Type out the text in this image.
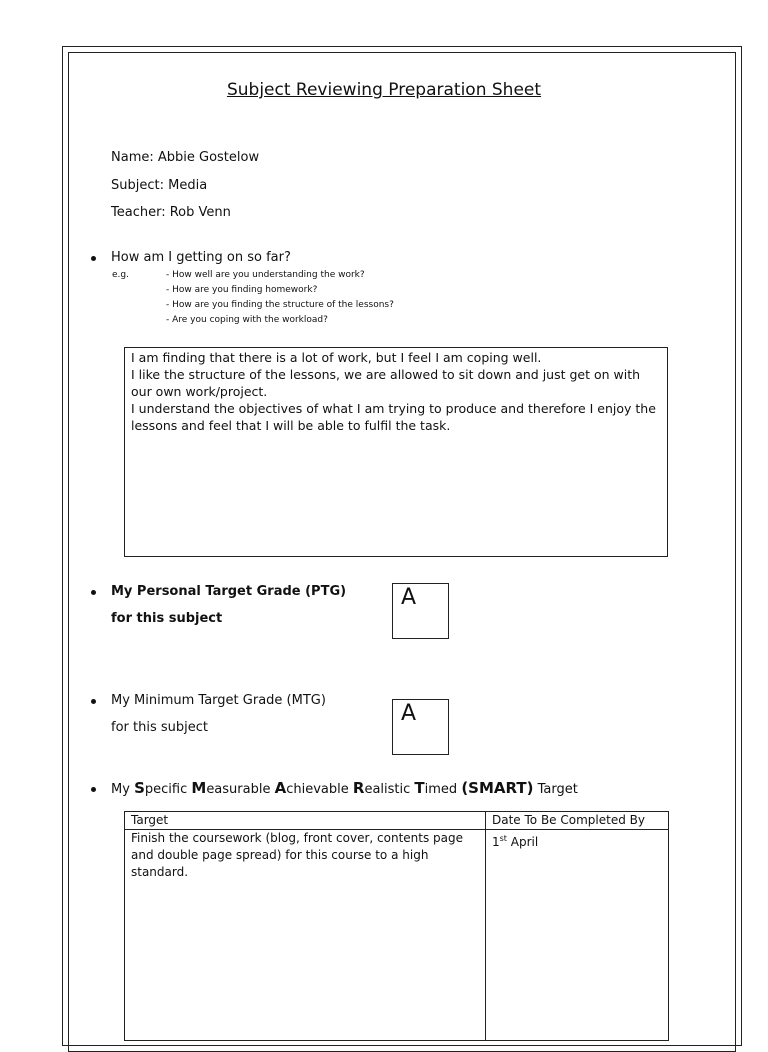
Subject Reviewing Preparation Sheet
Name: Abbie Gostelow
Subject: Media
Teacher: Rob Venn
How am I getting on so far?
e.g.	- How well are you understanding the work?
- How are you finding homework?
- How are you finding the structure of the lessons?
- Are you coping with the workload?
I am finding that there is a lot of work, but I feel I am coping well.
I like the structure of the lessons, we are allowed to sit down and just get on with our own work/project.
I understand the objectives of what I am trying to produce and therefore I enjoy the lessons and feel that I will be able to fulfil the task.
My Personal Target Grade (PTG)
for this subject
A
My Minimum Target Grade (MTG)
for this subject
A
My Specific Measurable Achievable Realistic Timed (SMART) Target
Target	Date To Be Completed By
Finish the coursework (blog, front cover, contents page and double page spread) for this course to a high standard.	1st April
